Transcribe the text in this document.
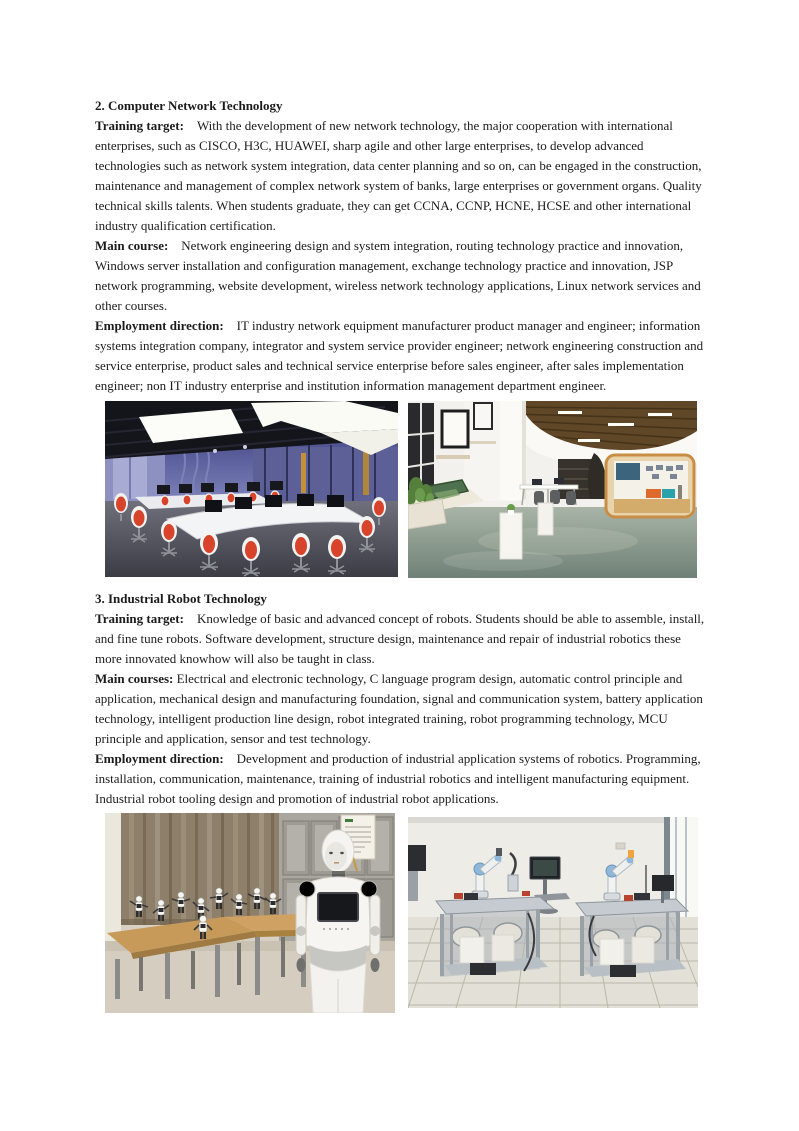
2. Computer Network Technology

Training target: With the development of new network technology, the major cooperation with international enterprises, such as CISCO, H3C, HUAWEI, sharp agile and other large enterprises, to develop advanced technologies such as network system integration, data center planning and so on, can be engaged in the construction, maintenance and management of complex network system of banks, large enterprises or government organs. Quality technical skills talents. When students graduate, they can get CCNA, CCNP, HCNE, HCSE and other international industry qualification certification.

Main course: Network engineering design and system integration, routing technology practice and innovation, Windows server installation and configuration management, exchange technology practice and innovation, JSP network programming, website development, wireless network technology applications, Linux network services and other courses.

Employment direction: IT industry network equipment manufacturer product manager and engineer; information systems integration company, integrator and system service provider engineer; network engineering construction and service enterprise, product sales and technical service enterprise before sales engineer, after sales implementation engineer; non IT industry enterprise and institution information management department engineer.

3. Industrial Robot Technology

Training target: Knowledge of basic and advanced concept of robots. Students should be able to assemble, install, and fine tune robots. Software development, structure design, maintenance and repair of industrial robotics these more innovated knowhow will also be taught in class.

Main courses: Electrical and electronic technology, C language program design, automatic control principle and application, mechanical design and manufacturing foundation, signal and communication system, battery application technology, intelligent production line design, robot integrated training, robot programming technology, MCU principle and application, sensor and test technology.

Employment direction: Development and production of industrial application systems of robotics. Programming, installation, communication, maintenance, training of industrial robotics and intelligent manufacturing equipment. Industrial robot tooling design and promotion of industrial robot applications.
